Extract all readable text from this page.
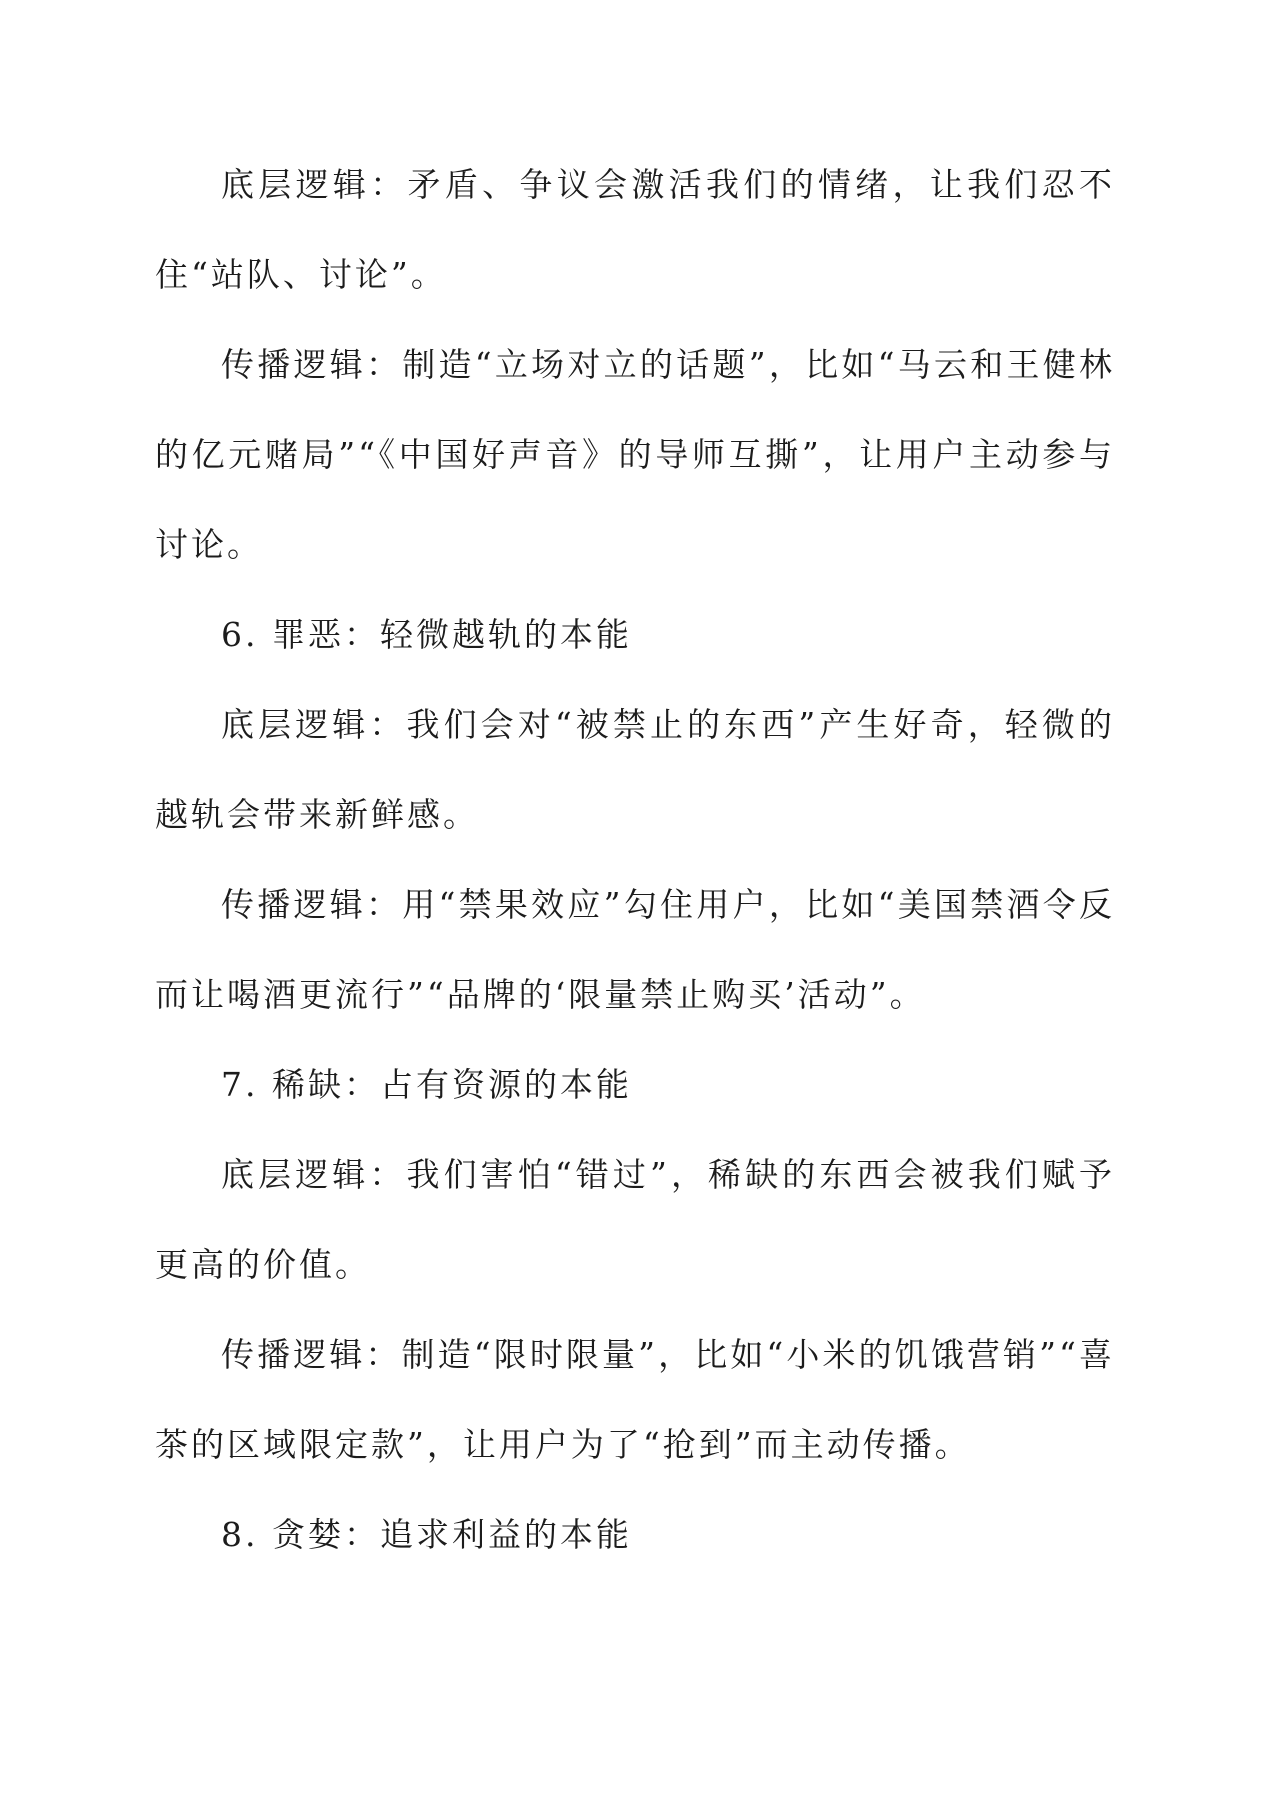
底层逻辑：矛盾、争议会激活我们的情绪，让我们忍不住“站队、讨论”。

传播逻辑：制造“立场对立的话题”，比如“马云和王健林的亿元赌局”“《中国好声音》的导师互撕”，让用户主动参与讨论。

6. 罪恶：轻微越轨的本能

底层逻辑：我们会对“被禁止的东西”产生好奇，轻微的越轨会带来新鲜感。

传播逻辑：用“禁果效应”勾住用户，比如“美国禁酒令反而让喝酒更流行”“品牌的‘限量禁止购买’活动”。

7. 稀缺：占有资源的本能

底层逻辑：我们害怕“错过”，稀缺的东西会被我们赋予更高的价值。

传播逻辑：制造“限时限量”，比如“小米的饥饿营销”“喜茶的区域限定款”，让用户为了“抢到”而主动传播。

8. 贪婪：追求利益的本能
